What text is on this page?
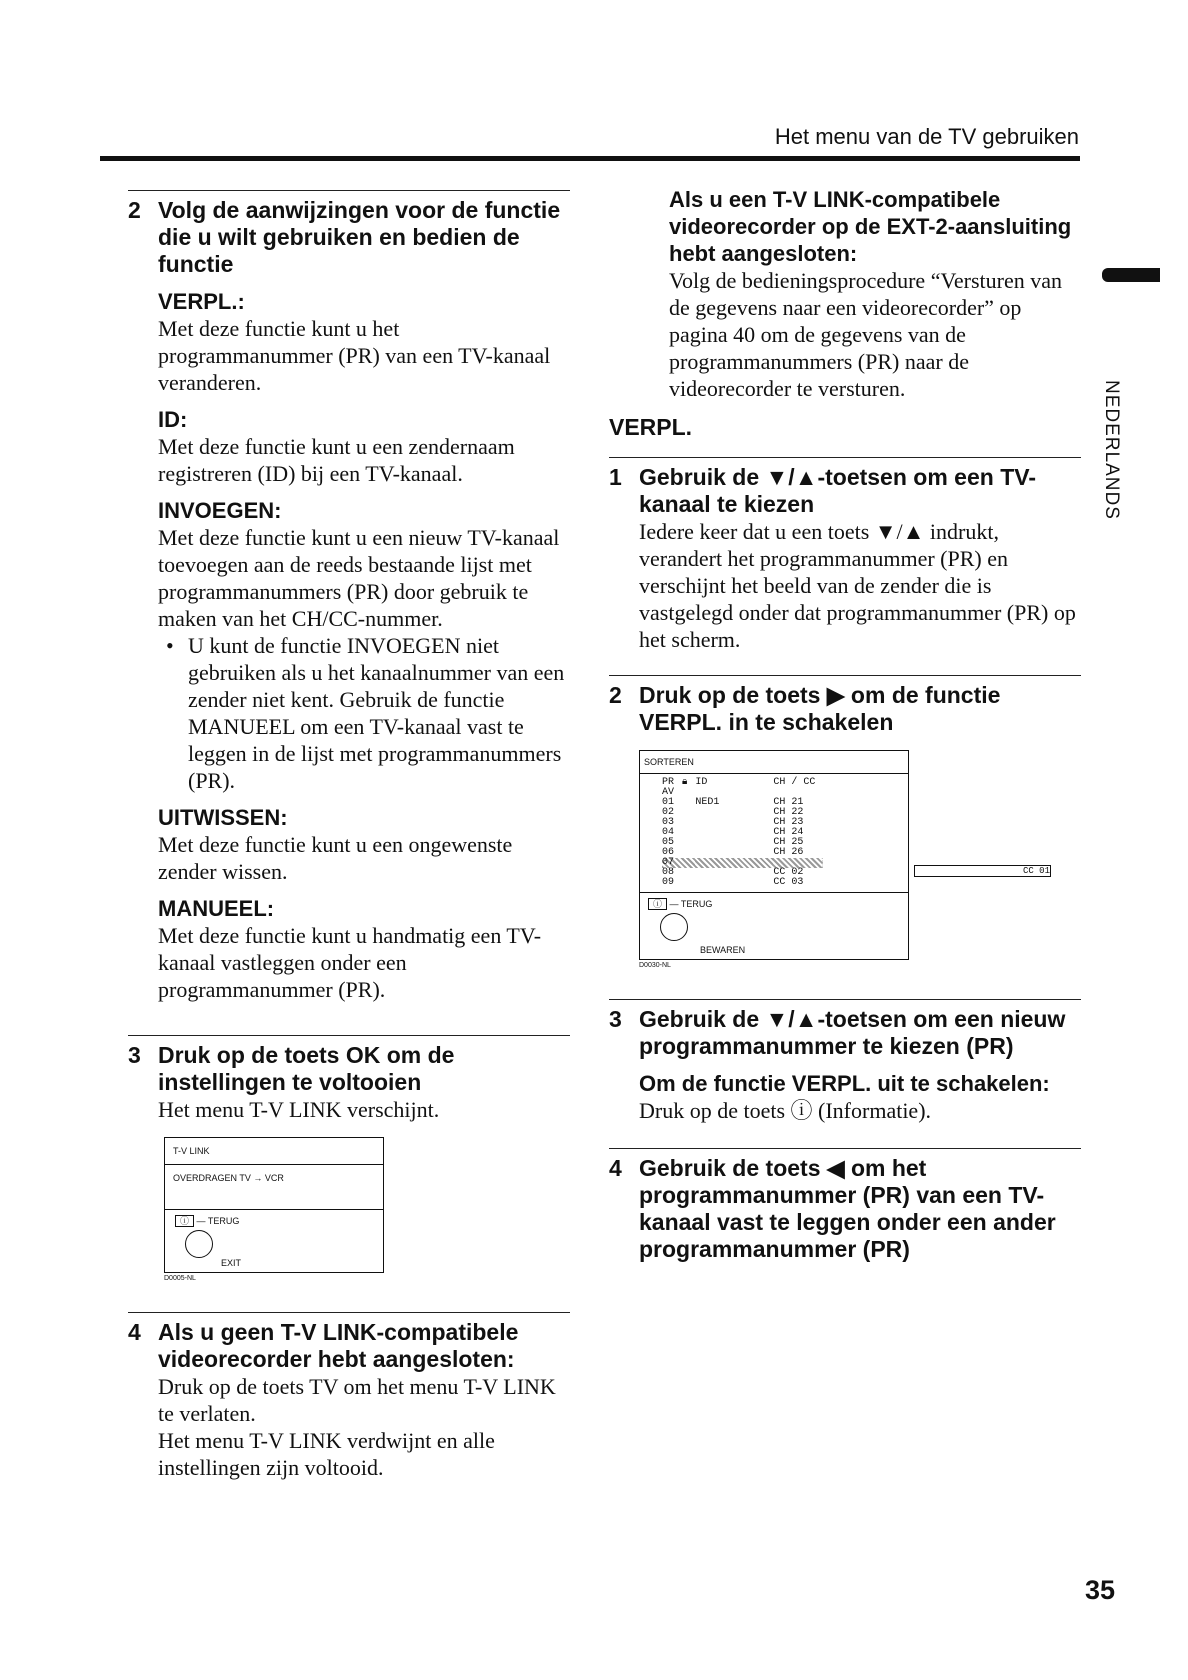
Het menu van de TV gebruiken
NEDERLANDS
35
2 Volg de aanwijzingen voor de functie die u wilt gebruiken en bedien de functie
VERPL.:
Met deze functie kunt u het programmanummer (PR) van een TV-kanaal veranderen.
ID:
Met deze functie kunt u een zendernaam registreren (ID) bij een TV-kanaal.
INVOEGEN:
Met deze functie kunt u een nieuw TV-kanaal toevoegen aan de reeds bestaande lijst met programmanummers (PR) door gebruik te maken van het CH/CC-nummer.
• U kunt de functie INVOEGEN niet gebruiken als u het kanaalnummer van een zender niet kent. Gebruik de functie MANUEEL om een TV-kanaal vast te leggen in de lijst met programmanummers (PR).
UITWISSEN:
Met deze functie kunt u een ongewenste zender wissen.
MANUEEL:
Met deze functie kunt u handmatig een TV-kanaal vastleggen onder een programmanummer (PR).
3 Druk op de toets OK om de instellingen te voltooien
Het menu T-V LINK verschijnt.
T-V LINK
OVERDRAGEN TV → VCR
ⓘ — TERUG
EXIT
D0005-NL
4 Als u geen T-V LINK-compatibele videorecorder hebt aangesloten:
Druk op de toets TV om het menu T-V LINK te verlaten.
Het menu T-V LINK verdwijnt en alle instellingen zijn voltooid.
Als u een T-V LINK-compatibele videorecorder op de EXT-2-aansluiting hebt aangesloten:
Volg de bedieningsprocedure “Versturen van de gegevens naar een videorecorder” op pagina 40 om de gegevens van de programmanummers (PR) naar de videorecorder te versturen.
VERPL.
1 Gebruik de ▼/▲-toetsen om een TV-kanaal te kiezen
Iedere keer dat u een toets ▼/▲ indrukt, verandert het programmanummer (PR) en verschijnt het beeld van de zender die is vastgelegd onder dat programmanummer (PR) op het scherm.
2 Druk op de toets ▶ om de functie VERPL. in te schakelen
SORTEREN
PR	🔒︎	ID	CH / CC
AV			
01		NED1	CH 21
02			CH 22
03			CH 23
04			CH 24
05			CH 25
06			CH 26
07			
08			CC 02
09			CC 03
ⓘ — TERUG
BEWAREN
D0030-NL
CC 01
3 Gebruik de ▼/▲-toetsen om een nieuw programmanummer te kiezen (PR)
Om de functie VERPL. uit te schakelen:
Druk op de toets ⓘ (Informatie).
4 Gebruik de toets ◀ om het programmanummer (PR) van een TV-kanaal vast te leggen onder een ander programmanummer (PR)
